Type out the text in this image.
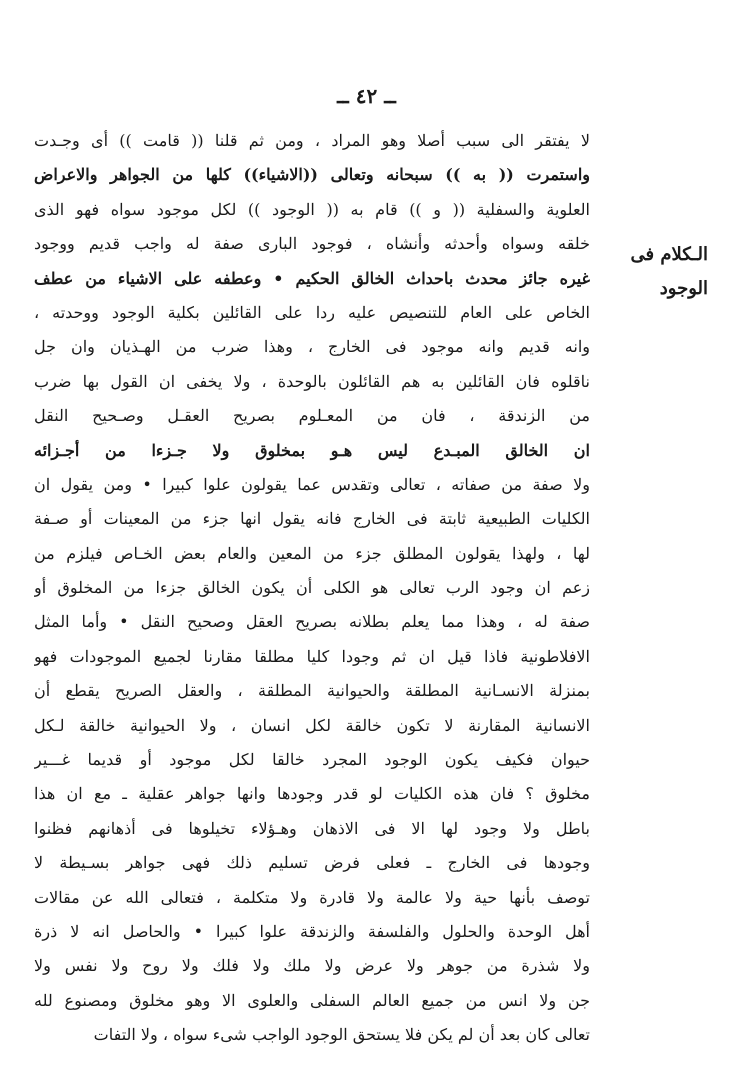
ــ ٤٢ ــ
الـكلام فى
الوجود
لا يفتقر الى سبب أصلا وهو المراد ، ومن ثم قلنا (( قامت )) أى وجـدت
واستمرت (( به )) سبحانه وتعالى ((الاشياء)) كلها من الجواهر والاعراض
العلوية والسفلية (( و )) قام به (( الوجود )) لكل موجود سواه فهو الذى
خلقه وسواه وأحدثه وأنشاه ، فوجود البارى صفة له واجب قديم ووجود
غيره جائز محدث باحداث الخالق الحكيم • وعطفه على الاشياء من عطف
الخاص على العام للتنصيص عليه ردا على القائلين بكلية الوجود ووحدته ،
وانه قديم وانه موجود فى الخارج ، وهذا ضرب من الهـذيان وان جل
ناقلوه فان القائلين به هم القائلون بالوحدة ، ولا يخفى ان القول بها ضرب
من الزندقة ، فان من المعـلوم بصريح العقـل وصـحيح النقل
ان الخالق المبـدع ليس هـو بمخلوق ولا جـزءا من أجـزائه
ولا صفة من صفاته ، تعالى وتقدس عما يقولون علوا كبيرا • ومن يقول ان
الكليات الطبيعية ثابتة فى الخارج فانه يقول انها جزء من المعينات أو صـفة
لها ، ولهذا يقولون المطلق جزء من المعين والعام بعض الخـاص فيلزم من
زعم ان وجود الرب تعالى هو الكلى أن يكون الخالق جزءا من المخلوق أو
صفة له ، وهذا مما يعلم بطلانه بصريح العقل وصحيح النقل • وأما المثل
الافلاطونية فاذا قيل ان ثم وجودا كليا مطلقا مقارنا لجميع الموجودات فهو
بمنزلة الانسـانية المطلقة والحيوانية المطلقة ، والعقل الصريح يقطع أن
الانسانية المقارنة لا تكون خالقة لكل انسان ، ولا الحيوانية خالقة لـكل
حيوان فكيف يكون الوجود المجرد خالقا لكل موجود أو قديما غـــير
مخلوق ؟ فان هذه الكليات لو قدر وجودها وانها جواهر عقلية ـ مع ان هذا
باطل ولا وجود لها الا فى الاذهان وهـؤلاء تخيلوها فى أذهانهم فظنوا
وجودها فى الخارج ـ فعلى فرض تسليم ذلك فهى جواهر بسـيطة لا
توصف بأنها حية ولا عالمة ولا قادرة ولا متكلمة ، فتعالى الله عن مقالات
أهل الوحدة والحلول والفلسفة والزندقة علوا كبيرا • والحاصل انه لا ذرة
ولا شذرة من جوهر ولا عرض ولا ملك ولا فلك ولا روح ولا نفس ولا
جن ولا انس من جميع العالم السفلى والعلوى الا وهو مخلوق ومصنوع لله
تعالى كان بعد أن لم يكن فلا يستحق الوجود الواجب شىء سواه ، ولا التفات
